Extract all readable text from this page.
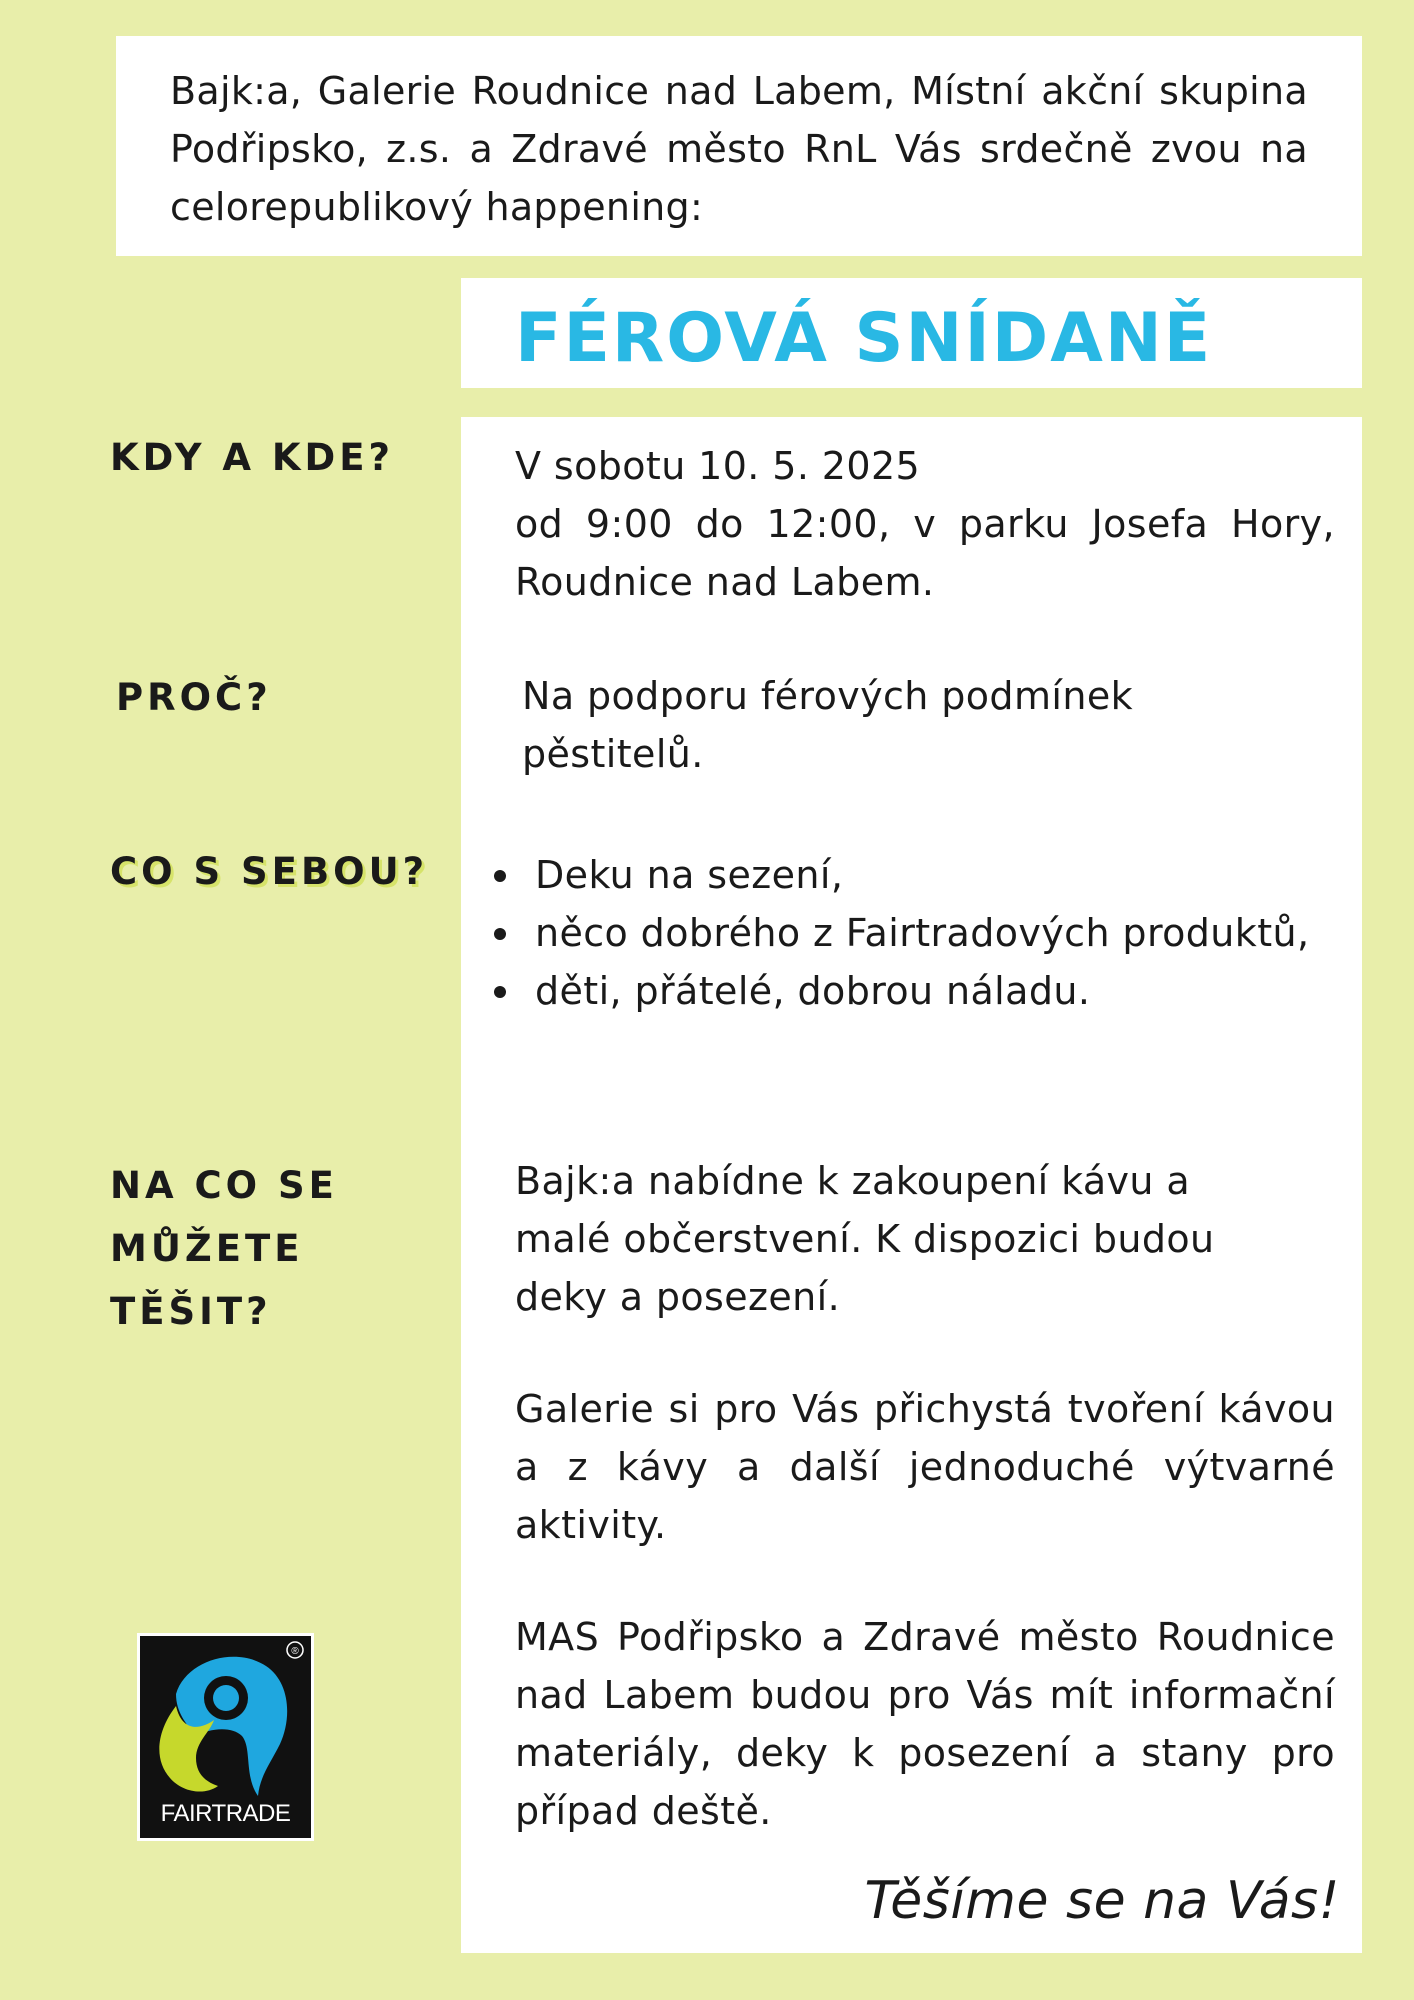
Bajk:a, Galerie Roudnice nad Labem, Místní akční skupina Podřipsko, z.s. a Zdravé město RnL Vás srdečně zvou na celorepublikový happening:

FÉROVÁ SNÍDANĚ

V sobotu 10. 5. 2025

od 9:00 do 12:00, v parku Josefa Hory, Roudnice nad Labem.

Na podporu férových podmínek pěstitelů.

Deku na sezení,
něco dobrého z Fairtradových produktů,
děti, přátelé, dobrou náladu.

Bajk:a nabídne k zakoupení kávu a malé občerstvení. K dispozici budou deky a posezení.

Galerie si pro Vás přichystá tvoření kávou a z kávy a další jednoduché výtvarné aktivity.

MAS Podřipsko a Zdravé město Roudnice nad Labem budou pro Vás mít informační materiály, deky k posezení a stany pro případ deště.

Těšíme se na Vás!

KDY A KDE?

PROČ?

CO S SEBOU?

NA CO SE
MŮŽETE
TĚŠIT?

®
FAIRTRADE
